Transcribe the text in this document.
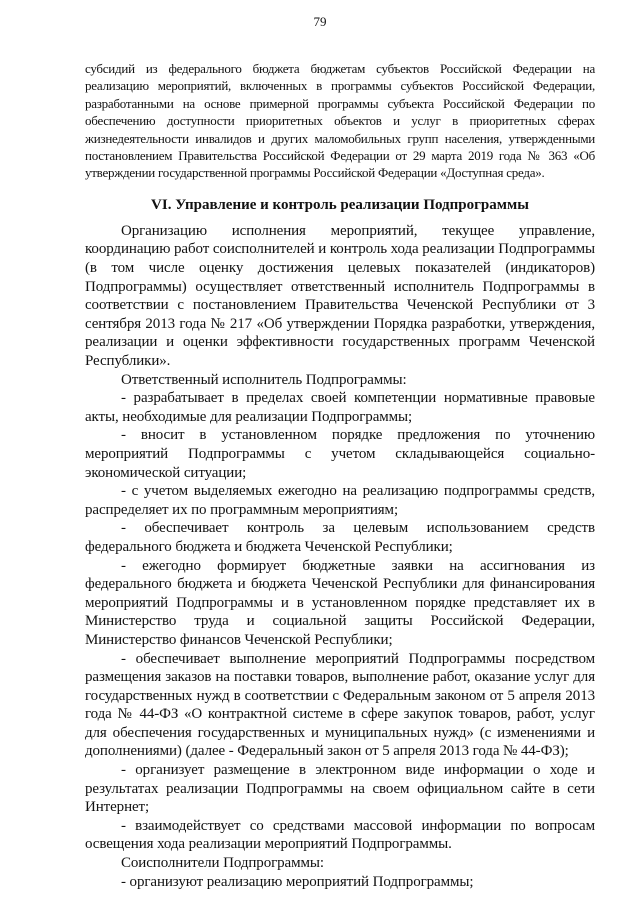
79

субсидий из федерального бюджета бюджетам субъектов Российской Федерации на реализацию мероприятий, включенных в программы субъектов Российской Федерации, разработанными на основе примерной программы субъекта Российской Федерации по обеспечению доступности приоритетных объектов и услуг в приоритетных сферах жизнедеятельности инвалидов и других маломобильных групп населения, утвержденными постановлением Правительства Российской Федерации от 29 марта 2019 года № 363 «Об утверждении государственной программы Российской Федерации «Доступная среда».

VI. Управление и контроль реализации Подпрограммы

Организацию исполнения мероприятий, текущее управление, координацию работ соисполнителей и контроль хода реализации Подпрограммы (в том числе оценку достижения целевых показателей (индикаторов) Подпрограммы) осуществляет ответственный исполнитель Подпрограммы в соответствии с постановлением Правительства Чеченской Республики от 3 сентября 2013 года № 217 «Об утверждении Порядка разработки, утверждения, реализации и оценки эффективности государственных программ Чеченской Республики».

Ответственный исполнитель Подпрограммы:

- разрабатывает в пределах своей компетенции нормативные правовые акты, необходимые для реализации Подпрограммы;

- вносит в установленном порядке предложения по уточнению мероприятий Подпрограммы с учетом складывающейся социально-экономической ситуации;

- с учетом выделяемых ежегодно на реализацию подпрограммы средств, распределяет их по программным мероприятиям;

- обеспечивает контроль за целевым использованием средств федерального бюджета и бюджета Чеченской Республики;

- ежегодно формирует бюджетные заявки на ассигнования из федерального бюджета и бюджета Чеченской Республики для финансирования мероприятий Подпрограммы и в установленном порядке представляет их в Министерство труда и социальной защиты Российской Федерации, Министерство финансов Чеченской Республики;

- обеспечивает выполнение мероприятий Подпрограммы посредством размещения заказов на поставки товаров, выполнение работ, оказание услуг для государственных нужд в соответствии с Федеральным законом от 5 апреля 2013 года № 44-ФЗ «О контрактной системе в сфере закупок товаров, работ, услуг для обеспечения государственных и муниципальных нужд» (с изменениями и дополнениями) (далее - Федеральный закон от 5 апреля 2013 года № 44-ФЗ);

- организует размещение в электронном виде информации о ходе и результатах реализации Подпрограммы на своем официальном сайте в сети Интернет;

- взаимодействует со средствами массовой информации по вопросам освещения хода реализации мероприятий Подпрограммы.

Соисполнители Подпрограммы:

- организуют реализацию мероприятий Подпрограммы;
